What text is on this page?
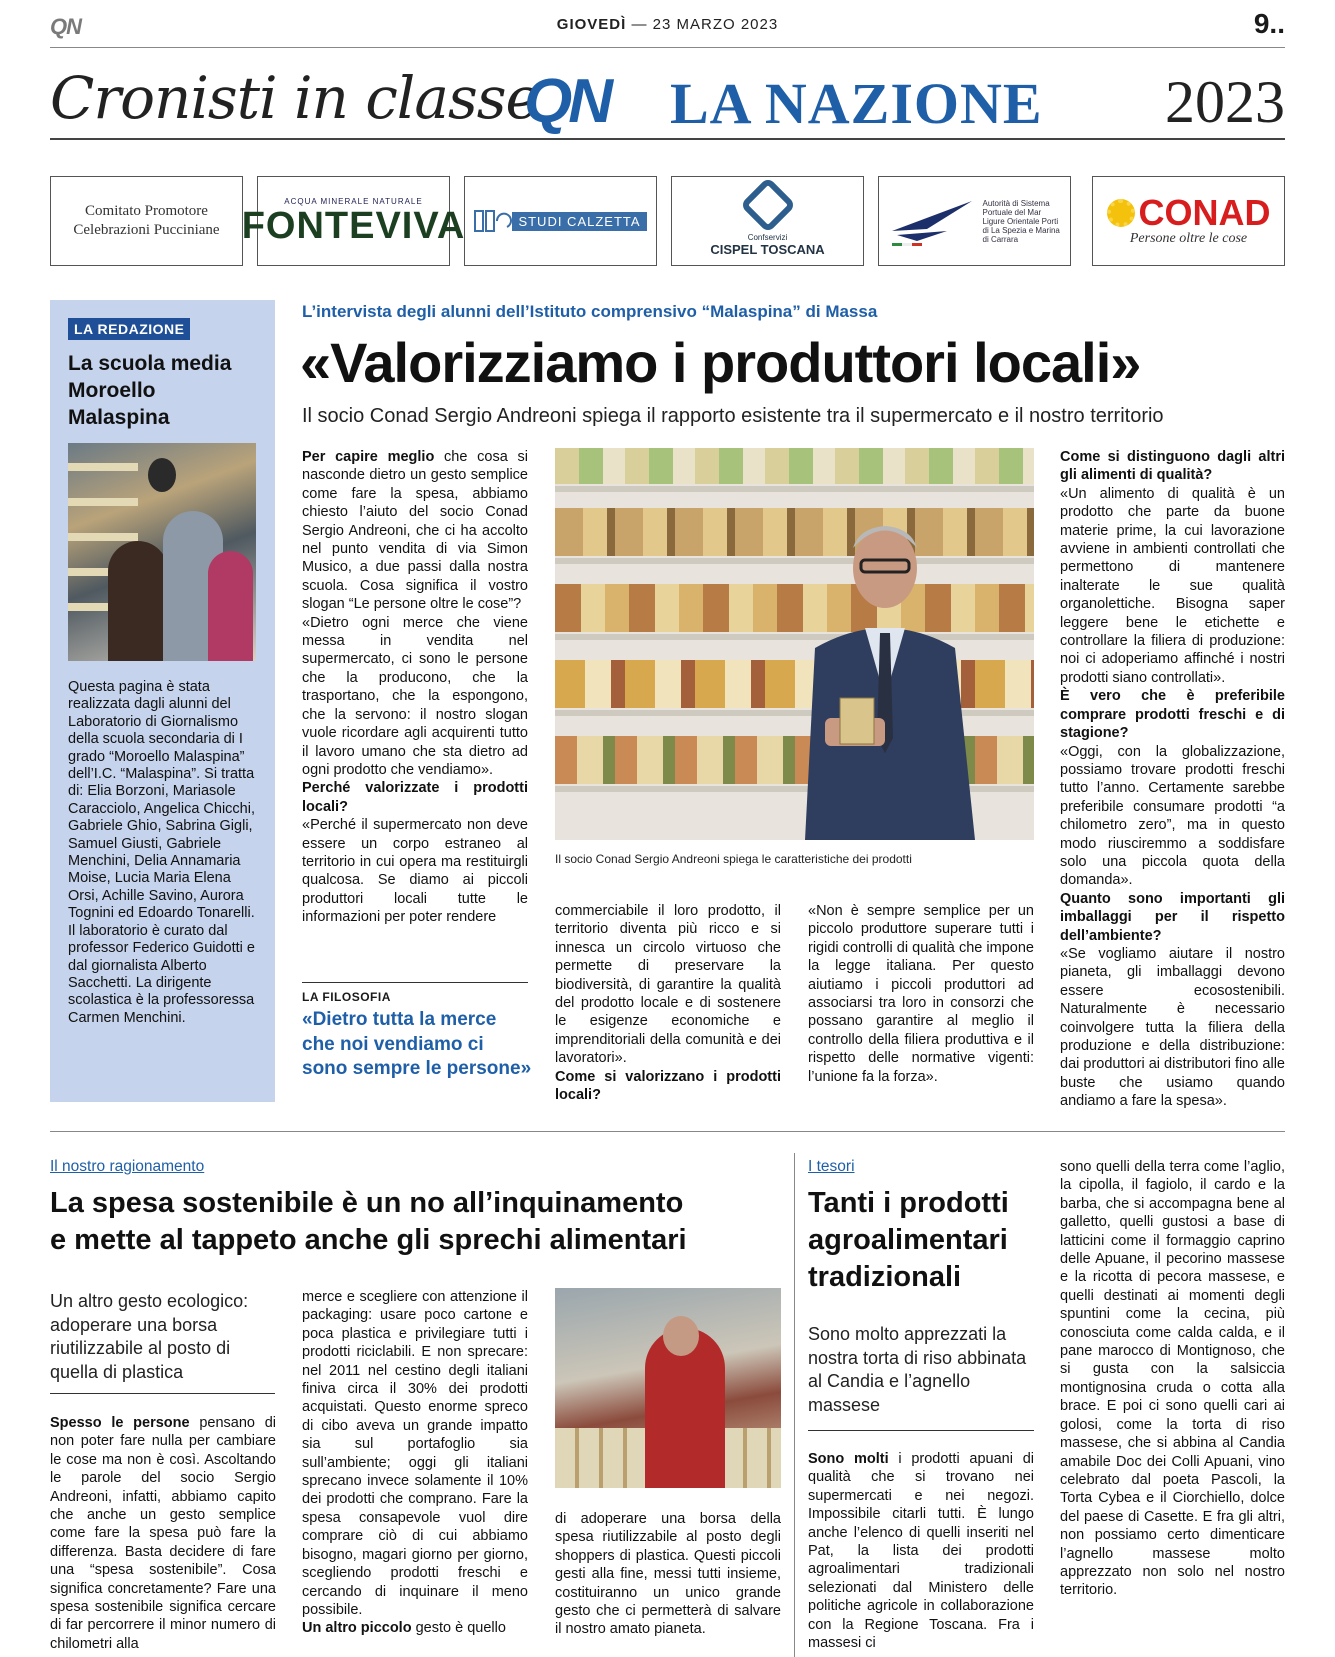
QN	GIOVEDÌ — 23 MARZO 2023	9..
Cronisti in classe
QN LA NAZIONE 2023
Comitato Promotore
Celebrazioni Pucciniane
ACQUA MINERALE NATURALE
FONTEVIVA	STUDI CALZETTA
Confservizi
CISPEL TOSCANA
Autorità di Sistema Portuale del Mar Ligure Orientale Porti di La Spezia e Marina di Carrara
CONAD
Persone oltre le cose
LA REDAZIONE
La scuola media
Moroello Malaspina
Questa pagina è stata realizzata dagli alunni del Laboratorio di Giornalismo della scuola secondaria di I grado “Moroello Malaspina” dell’I.C. “Malaspina”. Si tratta di: Elia Borzoni, Mariasole Caracciolo, Angelica Chicchi, Gabriele Ghio, Sabrina Gigli, Samuel Giusti, Gabriele Menchini, Delia Annamaria Moise, Lucia Maria Elena Orsi, Achille Savino, Aurora Tognini ed Edoardo Tonarelli. Il laboratorio è curato dal professor Federico Guidotti e dal giornalista Alberto Sacchetti. La dirigente scolastica è la professoressa Carmen Menchini.
L’intervista degli alunni dell’Istituto comprensivo “Malaspina” di Massa
«Valorizziamo i produttori locali»
Il socio Conad Sergio Andreoni spiega il rapporto esistente tra il supermercato e il nostro territorio

Per capire meglio che cosa si nasconde dietro un gesto semplice come fare la spesa, abbiamo chiesto l’aiuto del socio Conad Sergio Andreoni, che ci ha accolto nel punto vendita di via Simon Musico, a due passi dalla nostra scuola. Cosa significa il vostro slogan “Le persone oltre le cose”?

«Dietro ogni merce che viene messa in vendita nel supermercato, ci sono le persone che la producono, che la trasportano, che la espongono, che la servono: il nostro slogan vuole ricordare agli acquirenti tutto il lavoro umano che sta dietro ad ogni prodotto che vendiamo».

Perché valorizzate i prodotti locali?

«Perché il supermercato non deve essere un corpo estraneo al territorio in cui opera ma restituirgli qualcosa. Se diamo ai piccoli produttori locali tutte le informazioni per poter rendere

Il socio Conad Sergio Andreoni spiega le caratteristiche dei prodotti

commerciabile il loro prodotto, il territorio diventa più ricco e si innesca un circolo virtuoso che permette di preservare la biodiversità, di garantire la qualità del prodotto locale e di sostenere le esigenze economiche e imprenditoriali della comunità e dei lavoratori».

Come si valorizzano i prodotti locali?

«Non è sempre semplice per un piccolo produttore superare tutti i rigidi controlli di qualità che impone la legge italiana. Per questo aiutiamo i piccoli produttori ad associarsi tra loro in consorzi che possano garantire al meglio il controllo della filiera produttiva e il rispetto delle normative vigenti: l’unione fa la forza».

Come si distinguono dagli altri gli alimenti di qualità?

«Un alimento di qualità è un prodotto che parte da buone materie prime, la cui lavorazione avviene in ambienti controllati che permettono di mantenere inalterate le sue qualità organolettiche. Bisogna saper leggere bene le etichette e controllare la filiera di produzione: noi ci adoperiamo affinché i nostri prodotti siano controllati».

È vero che è preferibile comprare prodotti freschi e di stagione?

«Oggi, con la globalizzazione, possiamo trovare prodotti freschi tutto l’anno. Certamente sarebbe preferibile consumare prodotti “a chilometro zero”, ma in questo modo riusciremmo a soddisfare solo una piccola quota della domanda».

Quanto sono importanti gli imballaggi per il rispetto dell’ambiente?

«Se vogliamo aiutare il nostro pianeta, gli imballaggi devono essere ecosostenibili. Naturalmente è necessario coinvolgere tutta la filiera della produzione e della distribuzione: dai produttori ai distributori fino alle buste che usiamo quando andiamo a fare la spesa».

LA FILOSOFIA
«Dietro tutta la merce che noi vendiamo ci sono sempre le persone»
Il nostro ragionamento
La spesa sostenibile è un no all’inquinamento
e mette al tappeto anche gli sprechi alimentari
Un altro gesto ecologico: adoperare una borsa riutilizzabile al posto di quella di plastica

Spesso le persone pensano di non poter fare nulla per cambiare le cose ma non è così. Ascoltando le parole del socio Sergio Andreoni, infatti, abbiamo capito che anche un gesto semplice come fare la spesa può fare la differenza. Basta decidere di fare una “spesa sostenibile”. Cosa significa concretamente? Fare una spesa sostenibile significa cercare di far percorrere il minor numero di chilometri alla

merce e scegliere con attenzione il packaging: usare poco cartone e poca plastica e privilegiare tutti i prodotti riciclabili. E non sprecare: nel 2011 nel cestino degli italiani finiva circa il 30% dei prodotti acquistati. Questo enorme spreco di cibo aveva un grande impatto sia sul portafoglio sia sull’ambiente; oggi gli italiani sprecano invece solamente il 10% dei prodotti che comprano. Fare la spesa consapevole vuol dire comprare ciò di cui abbiamo bisogno, magari giorno per giorno, scegliendo prodotti freschi e cercando di inquinare il meno possibile.

Un altro piccolo gesto è quello

di adoperare una borsa della spesa riutilizzabile al posto degli shoppers di plastica. Questi piccoli gesti alla fine, messi tutti insieme, costituiranno un unico grande gesto che ci permetterà di salvare il nostro amato pianeta.

I tesori
Tanti i prodotti agroalimentari tradizionali
Sono molto apprezzati la nostra torta di riso abbinata al Candia e l’agnello massese

Sono molti i prodotti apuani di qualità che si trovano nei supermercati e nei negozi. Impossibile citarli tutti. È lungo anche l’elenco di quelli inseriti nel Pat, la lista dei prodotti agroalimentari tradizionali selezionati dal Ministero delle politiche agricole in collaborazione con la Regione Toscana. Fra i massesi ci

sono quelli della terra come l’aglio, la cipolla, il fagiolo, il cardo e la barba, che si accompagna bene al galletto, quelli gustosi a base di latticini come il formaggio caprino delle Apuane, il pecorino massese e la ricotta di pecora massese, e quelli destinati ai momenti degli spuntini come la cecina, più conosciuta come calda calda, e il pane marocco di Montignoso, che si gusta con la salsiccia montignosina cruda o cotta alla brace. E poi ci sono quelli cari ai golosi, come la torta di riso massese, che si abbina al Candia amabile Doc dei Colli Apuani, vino celebrato dal poeta Pascoli, la Torta Cybea e il Ciorchiello, dolce del paese di Casette. E fra gli altri, non possiamo certo dimenticare l’agnello massese molto apprezzato non solo nel nostro territorio.
